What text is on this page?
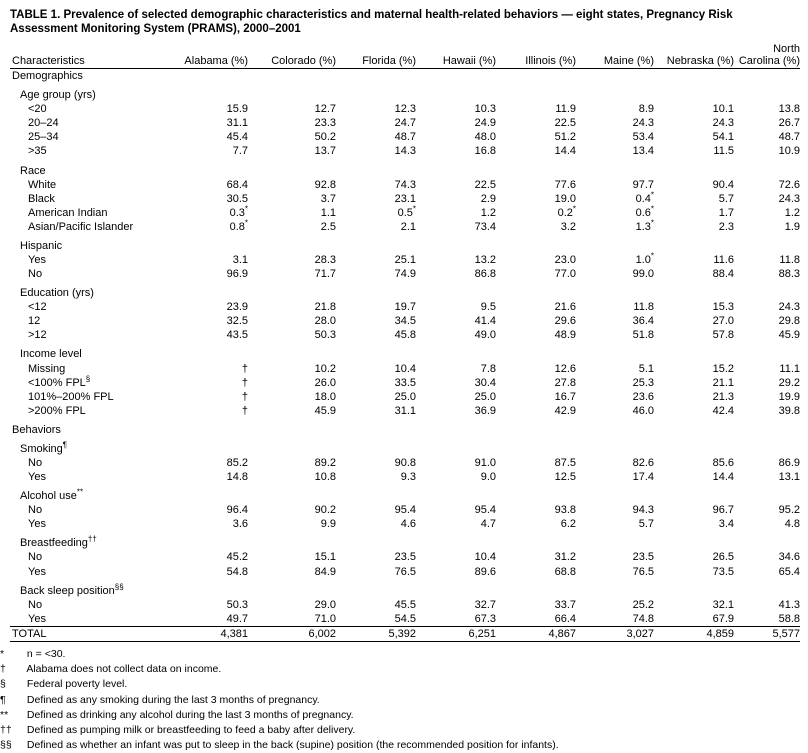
TABLE 1. Prevalence of selected demographic characteristics and maternal health-related behaviors — eight states, Pregnancy Risk Assessment Monitoring System (PRAMS), 2000–2001
Characteristics	Alabama (%)	Colorado (%)	Florida (%)	Hawaii (%)	Illinois (%)	Maine (%)	Nebraska (%)	North Carolina (%)
Demographics								

Age group (yrs)								
<20	15.9	12.7	12.3	10.3	11.9	8.9	10.1	13.8
20–24	31.1	23.3	24.7	24.9	22.5	24.3	24.3	26.7
25–34	45.4	50.2	48.7	48.0	51.2	53.4	54.1	48.7
>35	7.7	13.7	14.3	16.8	14.4	13.4	11.5	10.9

Race								
White	68.4	92.8	74.3	22.5	77.6	97.7	90.4	72.6
Black	30.5	3.7	23.1	2.9	19.0	0.4*	5.7	24.3
American Indian	0.3*	1.1	0.5*	1.2	0.2*	0.6*	1.7	1.2
Asian/Pacific Islander	0.8*	2.5	2.1	73.4	3.2	1.3*	2.3	1.9

Hispanic								
Yes	3.1	28.3	25.1	13.2	23.0	1.0*	11.6	11.8
No	96.9	71.7	74.9	86.8	77.0	99.0	88.4	88.3

Education (yrs)								
<12	23.9	21.8	19.7	9.5	21.6	11.8	15.3	24.3
12	32.5	28.0	34.5	41.4	29.6	36.4	27.0	29.8
>12	43.5	50.3	45.8	49.0	48.9	51.8	57.8	45.9

Income level								
Missing	†	10.2	10.4	7.8	12.6	5.1	15.2	11.1
<100% FPL§	†	26.0	33.5	30.4	27.8	25.3	21.1	29.2
101%–200% FPL	†	18.0	25.0	25.0	16.7	23.6	21.3	19.9
>200% FPL	†	45.9	31.1	36.9	42.9	46.0	42.4	39.8

Behaviors								

Smoking¶								
No	85.2	89.2	90.8	91.0	87.5	82.6	85.6	86.9
Yes	14.8	10.8	9.3	9.0	12.5	17.4	14.4	13.1

Alcohol use**								
No	96.4	90.2	95.4	95.4	93.8	94.3	96.7	95.2
Yes	3.6	9.9	4.6	4.7	6.2	5.7	3.4	4.8

Breastfeeding††								
No	45.2	15.1	23.5	10.4	31.2	23.5	26.5	34.6
Yes	54.8	84.9	76.5	89.6	68.8	76.5	73.5	65.4

Back sleep position§§								
No	50.3	29.0	45.5	32.7	33.7	25.2	32.1	41.3
Yes	49.7	71.0	54.5	67.3	66.4	74.8	67.9	58.8
TOTAL	4,381	6,002	5,392	6,251	4,867	3,027	4,859	5,577

* n = <30.
† Alabama does not collect data on income.
§ Federal poverty level.
¶ Defined as any smoking during the last 3 months of pregnancy.
** Defined as drinking any alcohol during the last 3 months of pregnancy.
†† Defined as pumping milk or breastfeeding to feed a baby after delivery.
§§ Defined as whether an infant was put to sleep in the back (supine) position (the recommended position for infants).
